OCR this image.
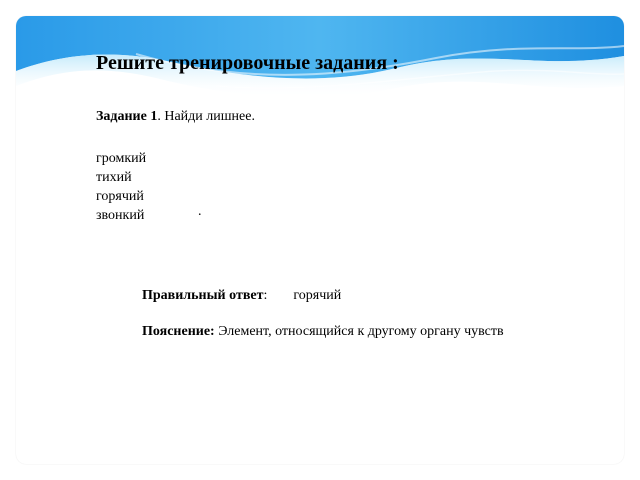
Решите тренировочные задания :
Задание 1. Найди лишнее.
громкий
тихий
горячий
звонкий	.
Правильный ответ: горячий
Пояснение: Элемент, относящийся к другому органу чувств
